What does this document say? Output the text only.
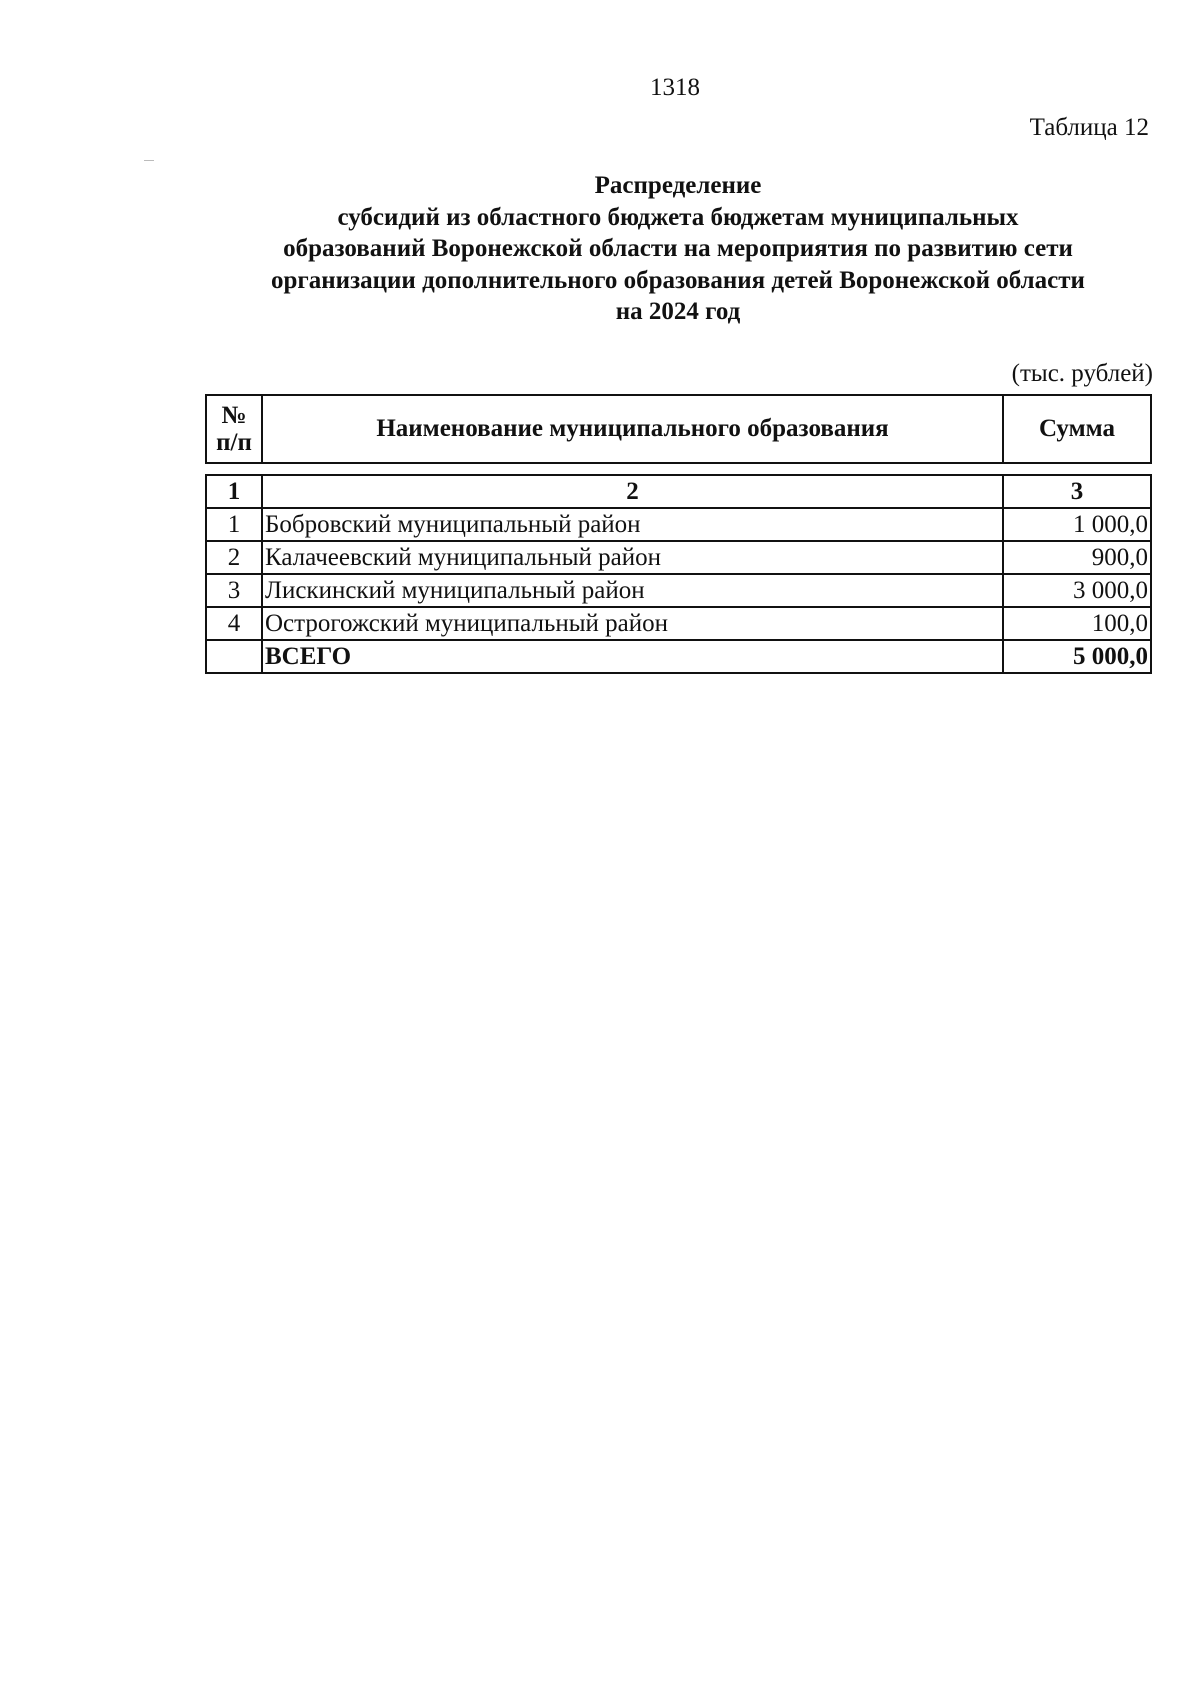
1318
Таблица 12
Распределение
субсидий из областного бюджета бюджетам муниципальных
образований Воронежской области на мероприятия по развитию сети
организации дополнительного образования детей Воронежской области
на 2024 год
(тыс. рублей)
№
п/п	Наименование муниципального образования	Сумма
1	2	3
1	Бобровский муниципальный район	1 000,0
2	Калачеевский муниципальный район	900,0
3	Лискинский муниципальный район	3 000,0
4	Острогожский муниципальный район	100,0
	ВСЕГО	5 000,0
